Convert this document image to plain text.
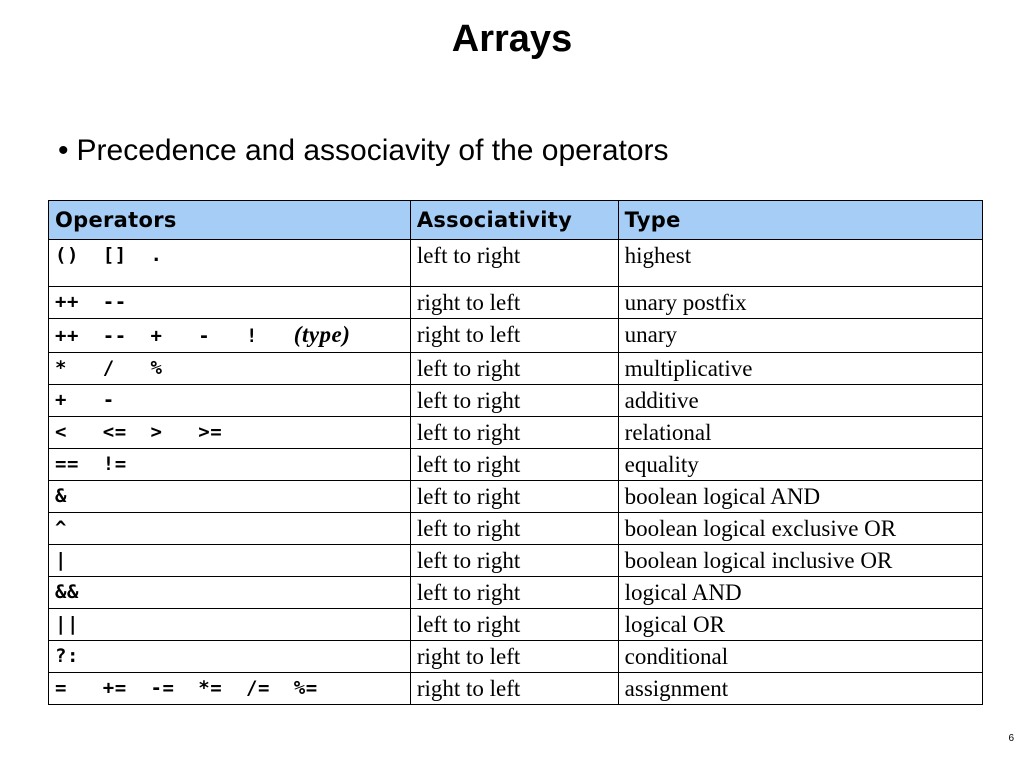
Arrays
• Precedence and associavity of the operators
Operators	Associativity	Type
()  []  .	left to right	highest
++  --	right to left	unary postfix
++  --  +   -   !   (type)	right to left	unary
*   /   %	left to right	multiplicative
+   -	left to right	additive
<   <=  >   >=	left to right	relational
==  !=	left to right	equality
&	left to right	boolean logical AND
^	left to right	boolean logical exclusive OR
|	left to right	boolean logical inclusive OR
&&	left to right	logical AND
||	left to right	logical OR
?:	right to left	conditional
=   +=  -=  *=  /=  %=	right to left	assignment
6
